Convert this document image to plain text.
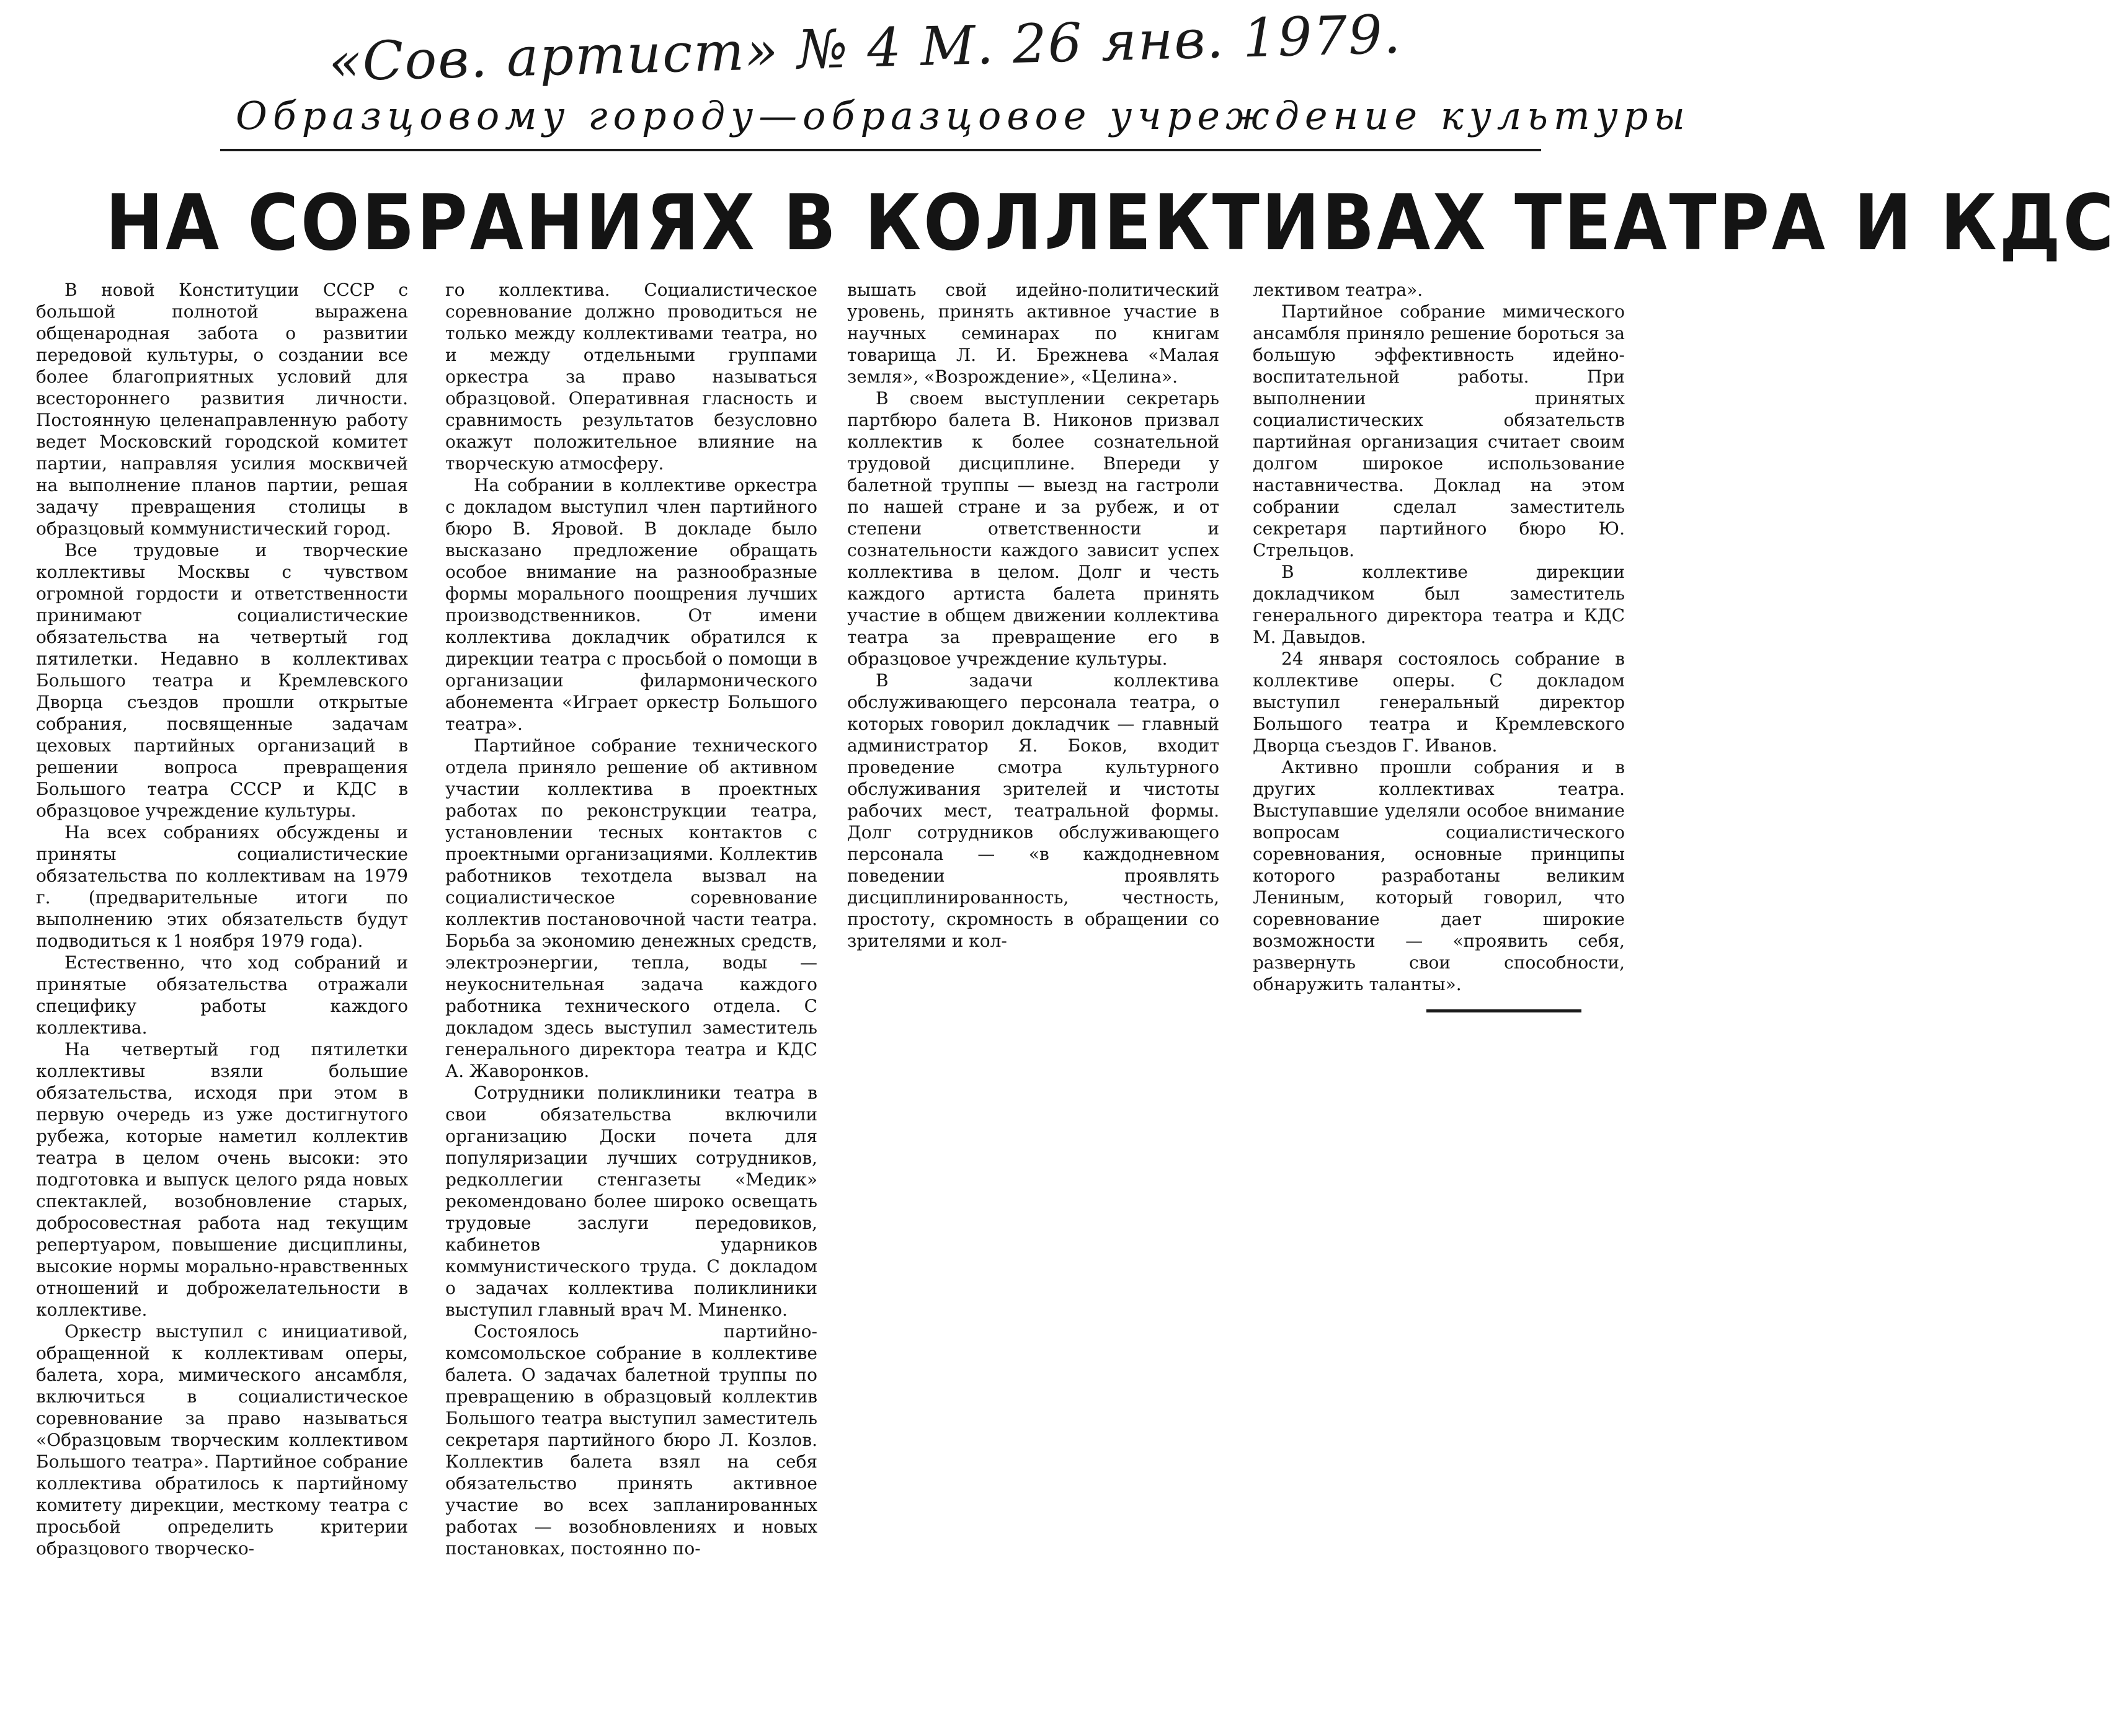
«Сов. артист» № 4 М. 26 янв. 1979.
Образцовому городу—образцовое учреждение культуры
НА СОБРАНИЯХ В КОЛЛЕКТИВАХ ТЕАТРА И КДС

В новой Конституции СССР с большой полнотой выражена общенародная забота о развитии передовой культуры, о создании все более благоприятных условий для всестороннего развития личности. Постоянную целенаправленную работу ведет Московский городской комитет партии, направляя усилия москвичей на выполнение планов партии, решая задачу превращения столицы в образцовый коммунистический город.

Все трудовые и творческие коллективы Москвы с чувством огромной гордости и ответственности принимают социалистические обязательства на четвертый год пятилетки. Недавно в коллективах Большого театра и Кремлевского Дворца съездов прошли открытые собрания, посвященные задачам цеховых партийных организаций в решении вопроса превращения Большого театра СССР и КДС в образцовое учреждение культуры.

На всех собраниях обсуждены и приняты социалистические обязательства по коллективам на 1979 г. (предварительные итоги по выполнению этих обязательств будут подводиться к 1 ноября 1979 года).

Естественно, что ход собраний и принятые обязательства отражали специфику работы каждого коллектива.

На четвертый год пятилетки коллективы взяли большие обязательства, исходя при этом в первую очередь из уже достигнутого рубежа, которые наметил коллектив театра в целом очень высоки: это подготовка и выпуск целого ряда новых спектаклей, возобновление старых, добросовестная работа над текущим репертуаром, повышение дисциплины, высокие нормы морально-нравственных отношений и доброжелательности в коллективе.

Оркестр выступил с инициативой, обращенной к коллективам оперы, балета, хора, мимического ансамбля, включиться в социалистическое соревнование за право называться «Образцовым творческим коллективом Большого театра». Партийное собрание коллектива обратилось к партийному комитету дирекции, месткому театра с просьбой определить критерии образцового творческо-

го коллектива. Социалистическое соревнование должно проводиться не только между коллективами театра, но и между отдельными группами оркестра за право называться образцовой. Оперативная гласность и сравнимость результатов безусловно окажут положительное влияние на творческую атмосферу.

На собрании в коллективе оркестра с докладом выступил член партийного бюро В. Яровой. В докладе было высказано предложение обращать особое внимание на разнообразные формы морального поощрения лучших производственников. От имени коллектива докладчик обратился к дирекции театра с просьбой о помощи в организации филармонического абонемента «Играет оркестр Большого театра».

Партийное собрание технического отдела приняло решение об активном участии коллектива в проектных работах по реконструкции театра, установлении тесных контактов с проектными организациями. Коллектив работников техотдела вызвал на социалистическое соревнование коллектив постановочной части театра. Борьба за экономию денежных средств, электроэнергии, тепла, воды — неукоснительная задача каждого работника технического отдела. С докладом здесь выступил заместитель генерального директора театра и КДС А. Жаворонков.

Сотрудники поликлиники театра в свои обязательства включили организацию Доски почета для популяризации лучших сотрудников, редколлегии стенгазеты «Медик» рекомендовано более широко освещать трудовые заслуги передовиков, кабинетов ударников коммунистического труда. С докладом о задачах коллектива поликлиники выступил главный врач М. Миненко.

Состоялось партийно-комсомольское собрание в коллективе балета. О задачах балетной труппы по превращению в образцовый коллектив Большого театра выступил заместитель секретаря партийного бюро Л. Козлов. Коллектив балета взял на себя обязательство принять активное участие во всех запланированных работах — возобновлениях и новых постановках, постоянно по-

вышать свой идейно-политический уровень, принять активное участие в научных семинарах по книгам товарища Л. И. Брежнева «Малая земля», «Возрождение», «Целина».

В своем выступлении секретарь партбюро балета В. Никонов призвал коллектив к более сознательной трудовой дисциплине. Впереди у балетной труппы — выезд на гастроли по нашей стране и за рубеж, и от степени ответственности и сознательности каждого зависит успех коллектива в целом. Долг и честь каждого артиста балета принять участие в общем движении коллектива театра за превращение его в образцовое учреждение культуры.

В задачи коллектива обслуживающего персонала театра, о которых говорил докладчик — главный администратор Я. Боков, входит проведение смотра культурного обслуживания зрителей и чистоты рабочих мест, театральной формы. Долг сотрудников обслуживающего персонала — «в каждодневном поведении проявлять дисциплинированность, честность, простоту, скромность в обращении со зрителями и кол-

лективом театра».

Партийное собрание мимического ансамбля приняло решение бороться за большую эффективность идейно-воспитательной работы. При выполнении принятых социалистических обязательств партийная организация считает своим долгом широкое использование наставничества. Доклад на этом собрании сделал заместитель секретаря партийного бюро Ю. Стрельцов.

В коллективе дирекции докладчиком был заместитель генерального директора театра и КДС М. Давыдов.

24 января состоялось собрание в коллективе оперы. С докладом выступил генеральный директор Большого театра и Кремлевского Дворца съездов Г. Иванов.

Активно прошли собрания и в других коллективах театра. Выступавшие уделяли особое внимание вопросам социалистического соревнования, основные принципы которого разработаны великим Лениным, который говорил, что соревнование дает широкие возможности — «проявить себя, развернуть свои способности, обнаружить таланты».
